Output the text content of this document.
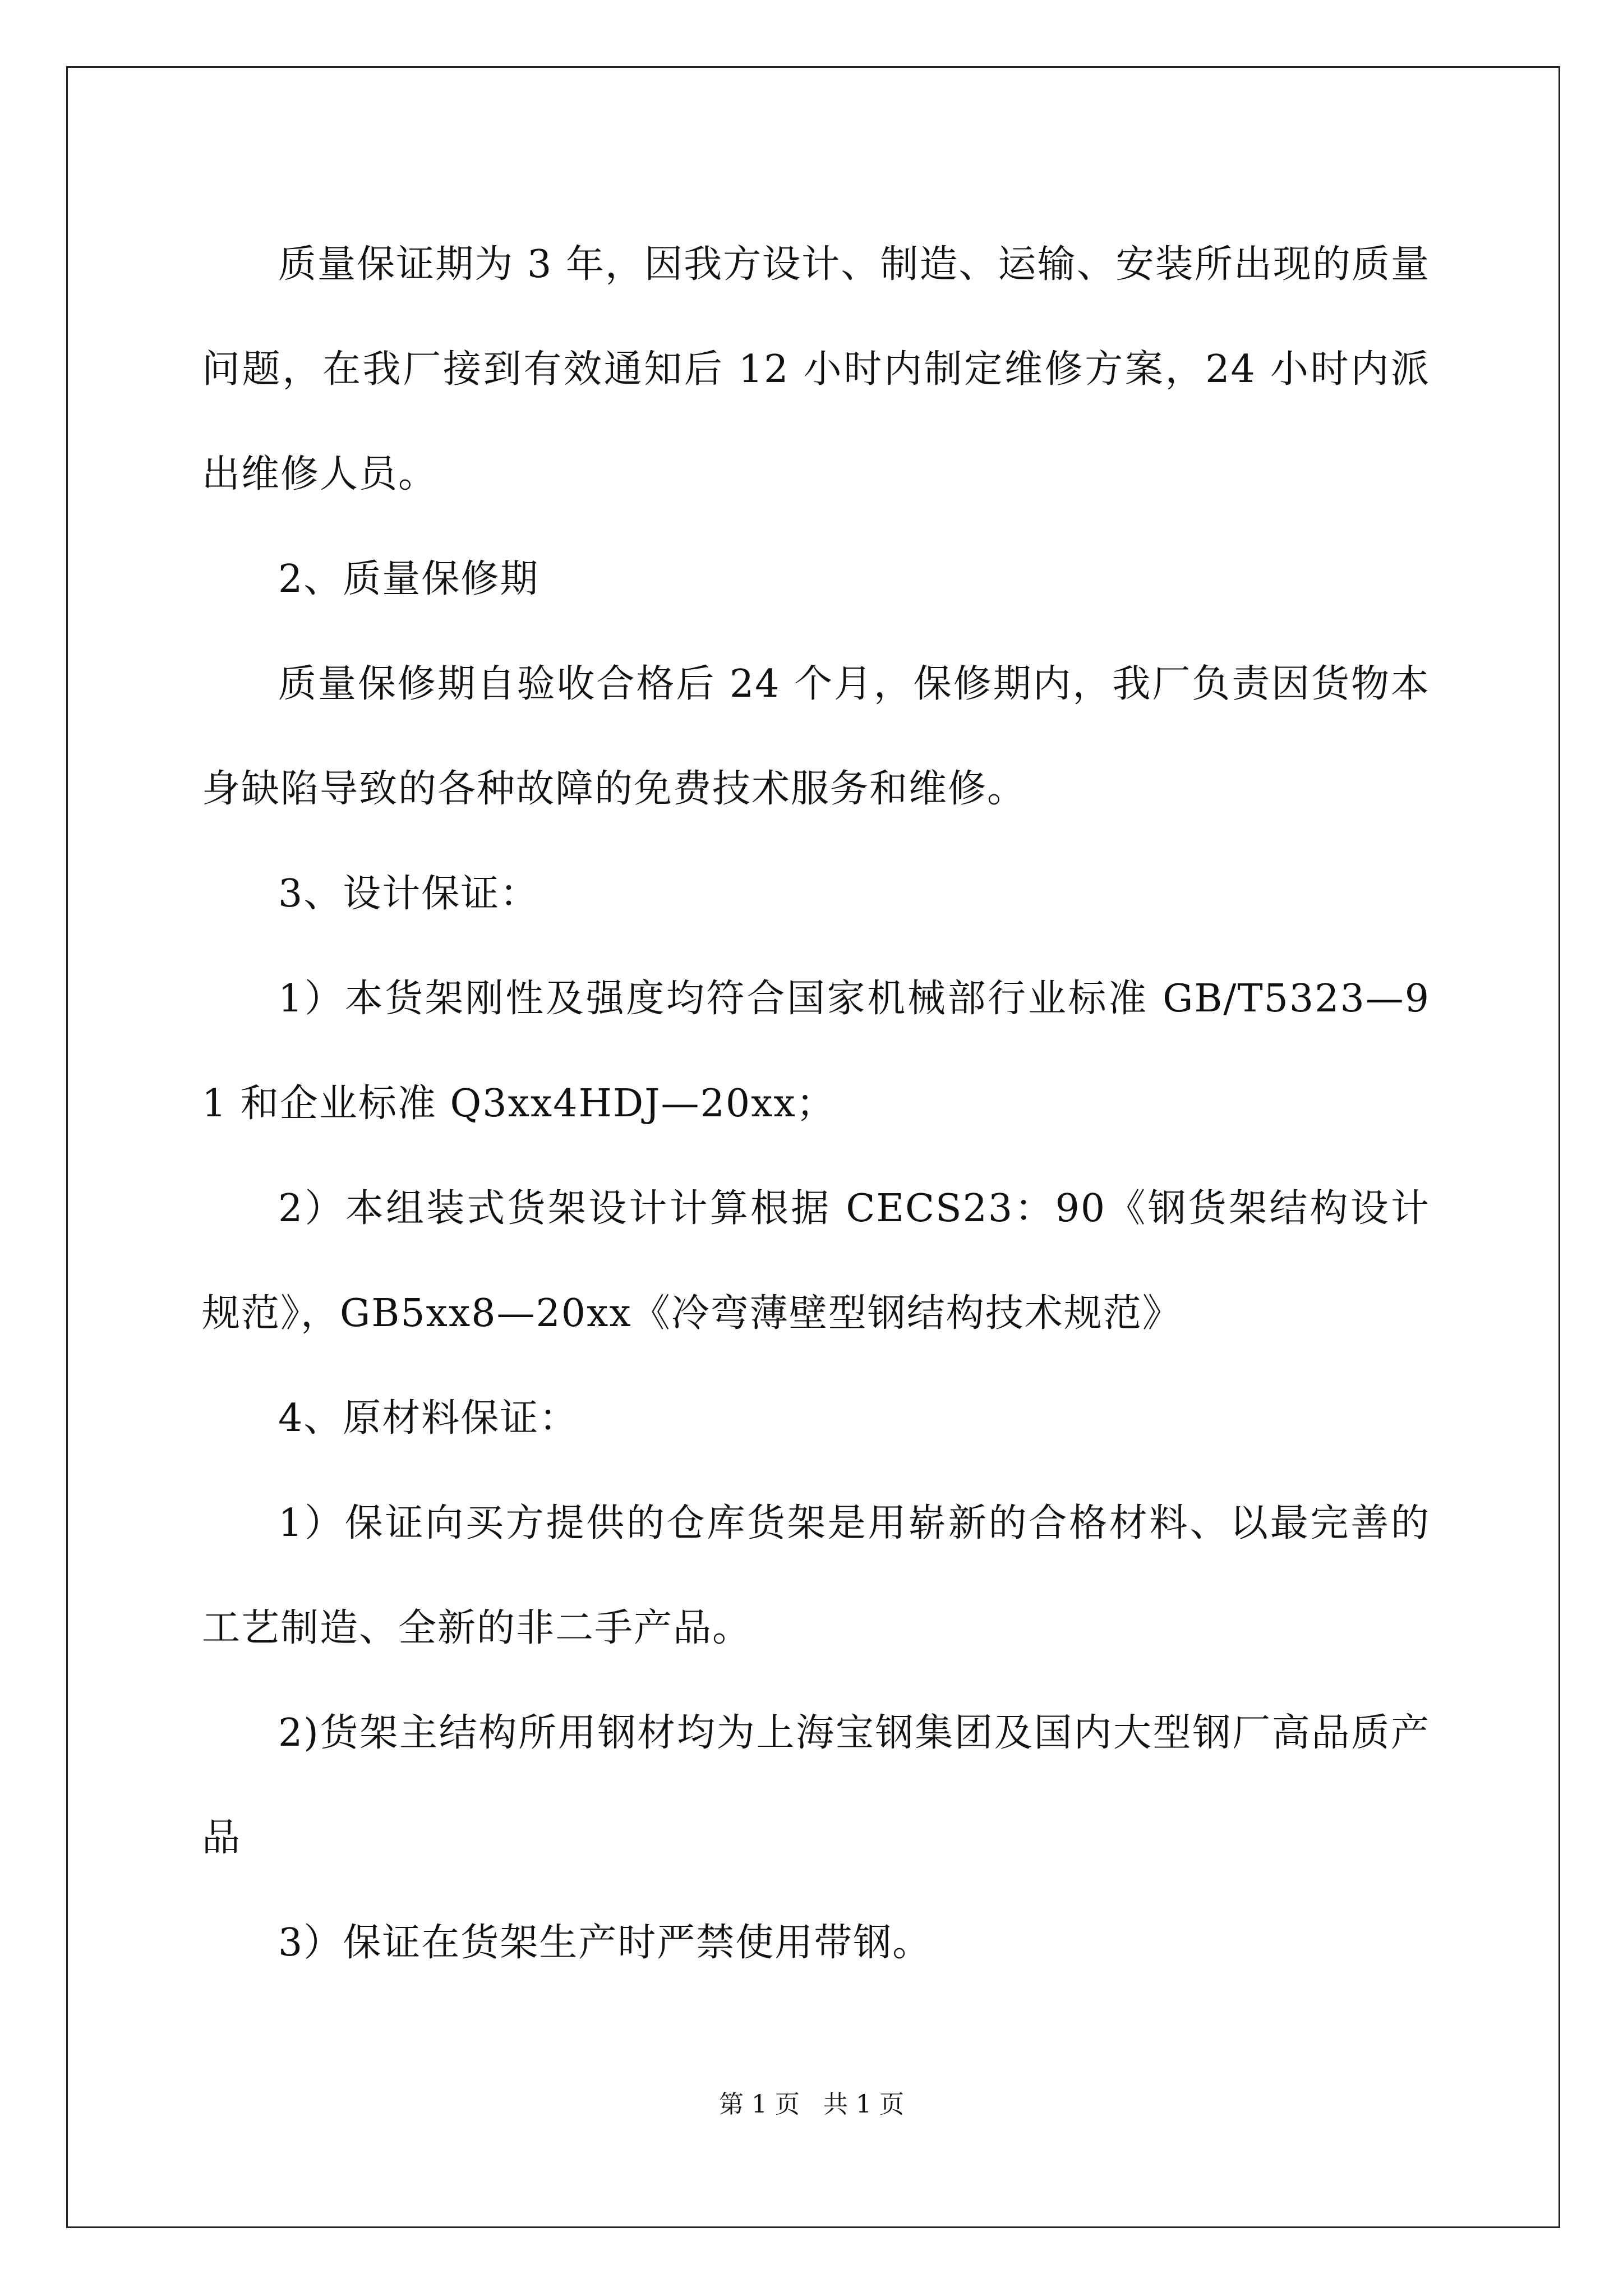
质量保证期为 3 年，因我方设计、制造、运输、安装所出现的质量问题，在我厂接到有效通知后 12 小时内制定维修方案，24 小时内派出维修人员。

2、质量保修期

质量保修期自验收合格后 24 个月，保修期内，我厂负责因货物本身缺陷导致的各种故障的免费技术服务和维修。

3、设计保证：

1）本货架刚性及强度均符合国家机械部行业标准 GB/T5323—91 和企业标准 Q3xx4HDJ—20xx；

2）本组装式货架设计计算根据 CECS23：90《钢货架结构设计规范》，GB5xx8—20xx《冷弯薄壁型钢结构技术规范》

4、原材料保证：

1）保证向买方提供的仓库货架是用崭新的合格材料、以最完善的工艺制造、全新的非二手产品。

2)货架主结构所用钢材均为上海宝钢集团及国内大型钢厂高品质产品

3）保证在货架生产时严禁使用带钢。

第 1 页 共 1 页
